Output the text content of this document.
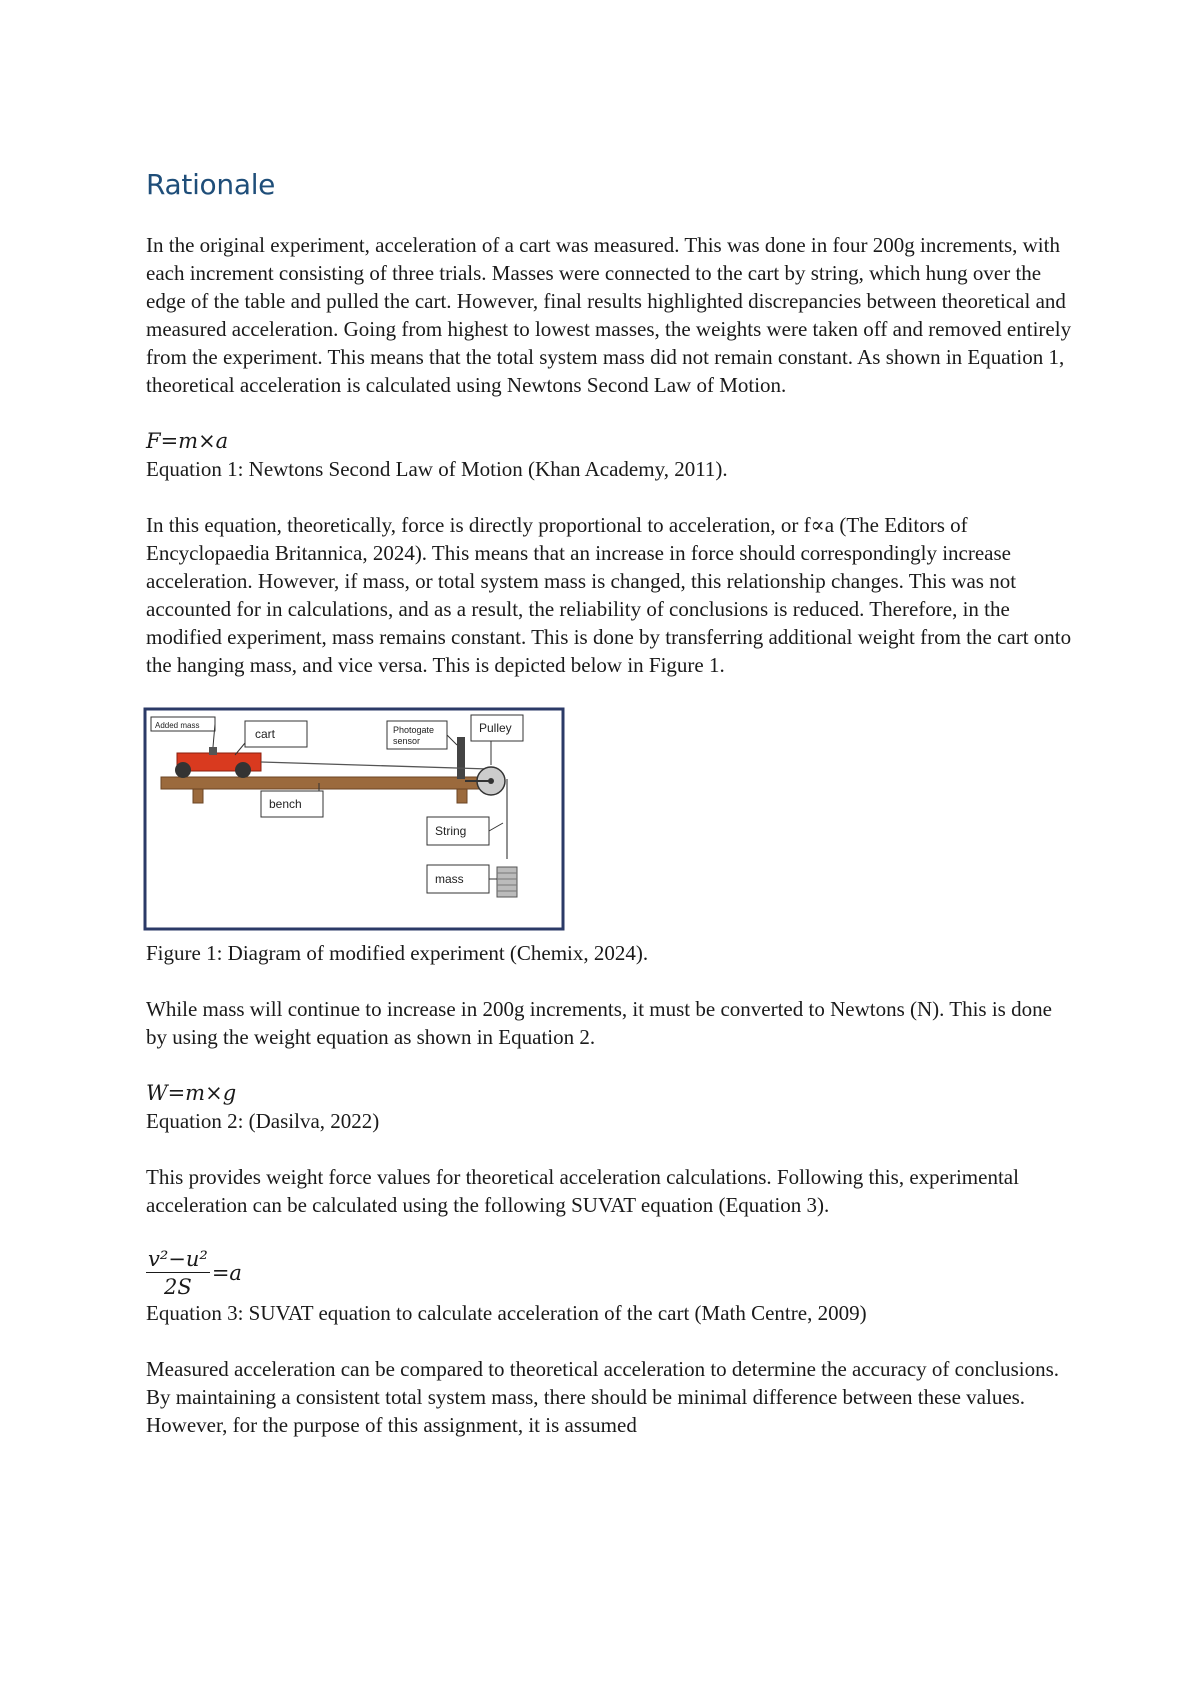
Rationale

In the original experiment, acceleration of a cart was measured. This was done in four 200g increments, with each increment consisting of three trials. Masses were connected to the cart by string, which hung over the edge of the table and pulled the cart. However, final results highlighted discrepancies between theoretical and measured acceleration. Going from highest to lowest masses, the weights were taken off and removed entirely from the experiment. This means that the total system mass did not remain constant. As shown in Equation 1, theoretical acceleration is calculated using Newtons Second Law of Motion.

F=m×a
Equation 1: Newtons Second Law of Motion (Khan Academy, 2011).

In this equation, theoretically, force is directly proportional to acceleration, or f∝a (The Editors of Encyclopaedia Britannica, 2024). This means that an increase in force should correspondingly increase acceleration. However, if mass, or total system mass is changed, this relationship changes. This was not accounted for in calculations, and as a result, the reliability of conclusions is reduced. Therefore, in the modified experiment, mass remains constant. This is done by transferring additional weight from the cart onto the hanging mass, and vice versa. This is depicted below in Figure 1.

Added mass
cart	Photogate
sensor
Pulley
bench
String
mass
Figure 1: Diagram of modified experiment (Chemix, 2024).

While mass will continue to increase in 200g increments, it must be converted to Newtons (N). This is done by using the weight equation as shown in Equation 2.

W=m×g
Equation 2: (Dasilva, 2022)

This provides weight force values for theoretical acceleration calculations. Following this, experimental acceleration can be calculated using the following SUVAT equation (Equation 3).

$\frac{\text{v²−u²}}{2S} =a$
Equation 3: SUVAT equation to calculate acceleration of the cart (Math Centre, 2009)

Measured acceleration can be compared to theoretical acceleration to determine the accuracy of conclusions. By maintaining a consistent total system mass, there should be minimal difference between these values. However, for the purpose of this assignment, it is assumed
